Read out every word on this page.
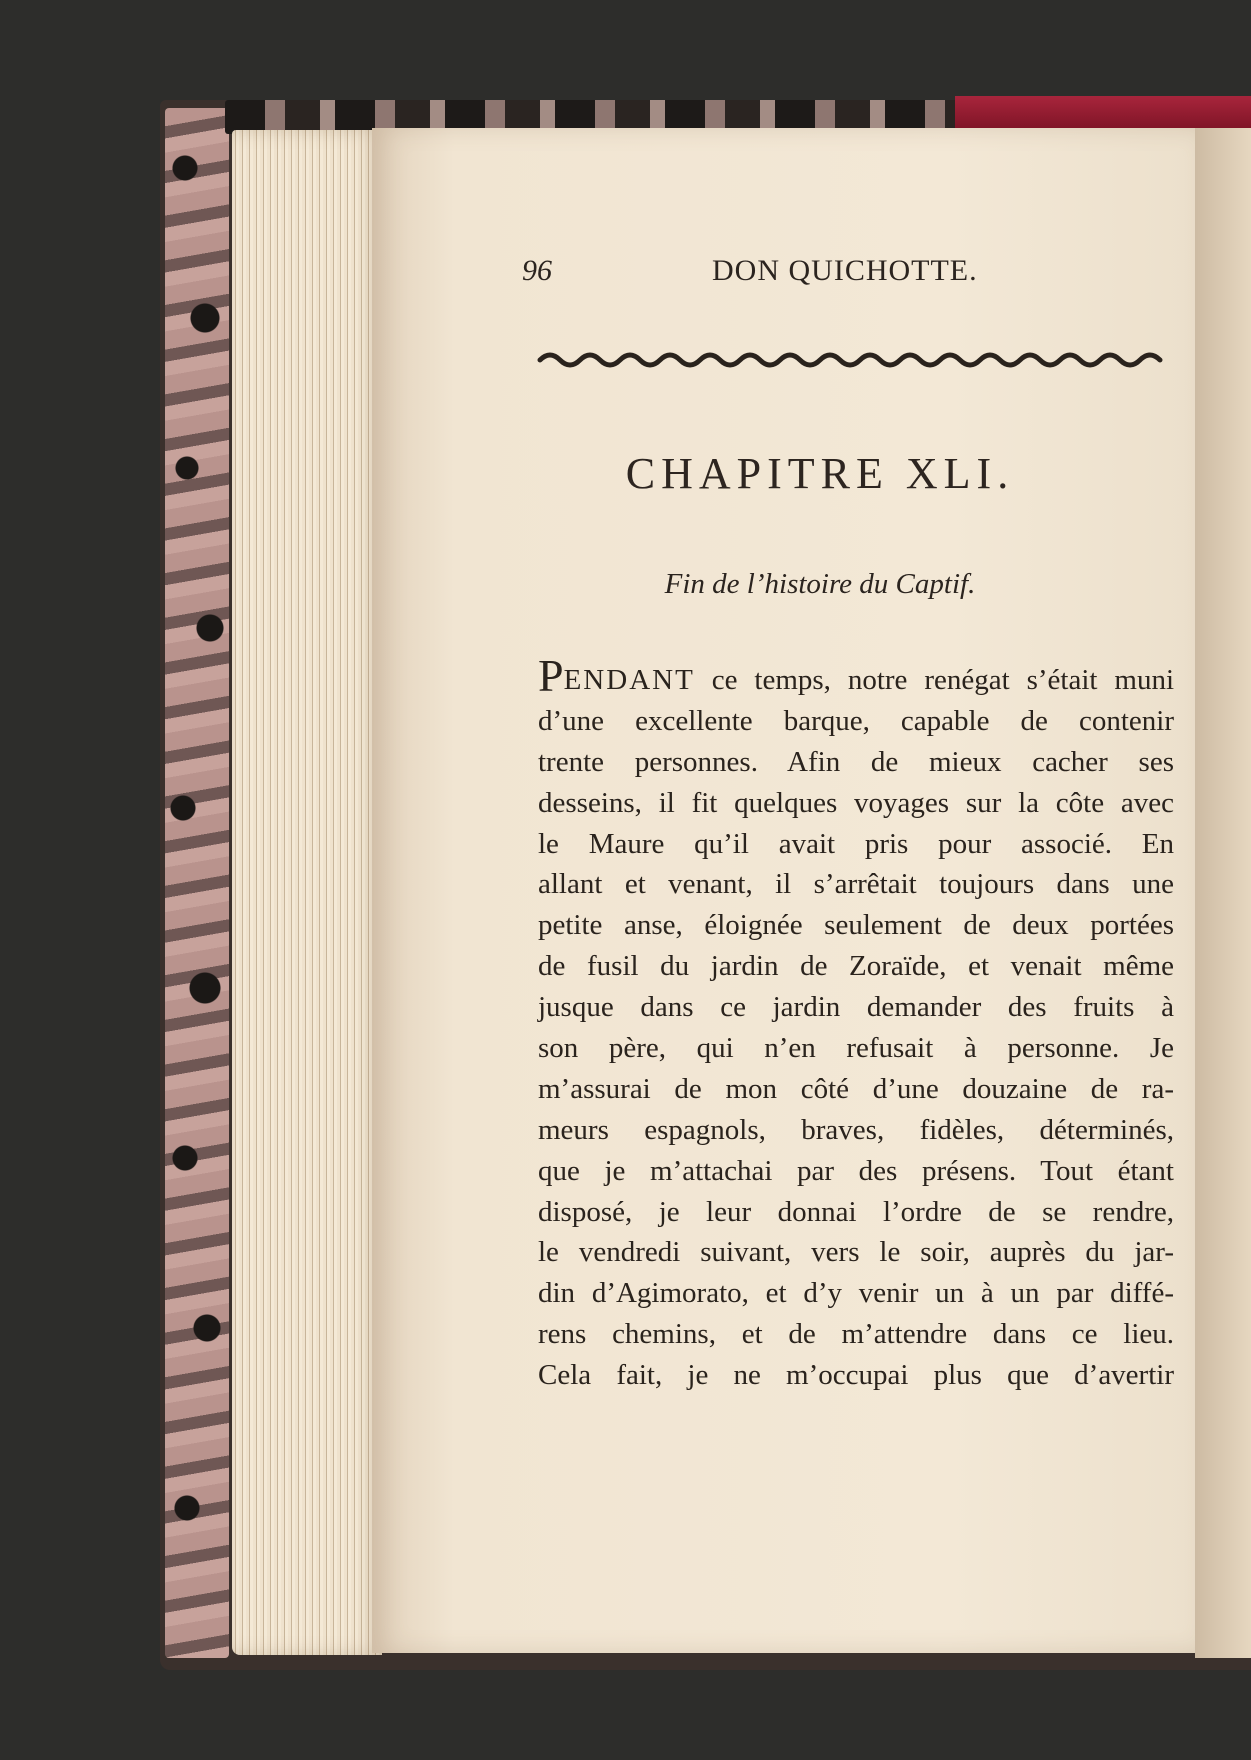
96	DON QUICHOTTE.
CHAPITRE XLI.
Fin de l’histoire du Captif.
PENDANT ce temps, notre renégat s’était muni
d’une excellente barque, capable de contenir
trente personnes. Afin de mieux cacher ses
desseins, il fit quelques voyages sur la côte avec
le Maure qu’il avait pris pour associé. En
allant et venant, il s’arrêtait toujours dans une
petite anse, éloignée seulement de deux portées
de fusil du jardin de Zoraïde, et venait même
jusque dans ce jardin demander des fruits à
son père, qui n’en refusait à personne. Je
m’assurai de mon côté d’une douzaine de ra-
meurs espagnols, braves, fidèles, déterminés,
que je m’attachai par des présens. Tout étant
disposé, je leur donnai l’ordre de se rendre,
le vendredi suivant, vers le soir, auprès du jar-
din d’Agimorato, et d’y venir un à un par diffé-
rens chemins, et de m’attendre dans ce lieu.
Cela fait, je ne m’occupai plus que d’avertir
